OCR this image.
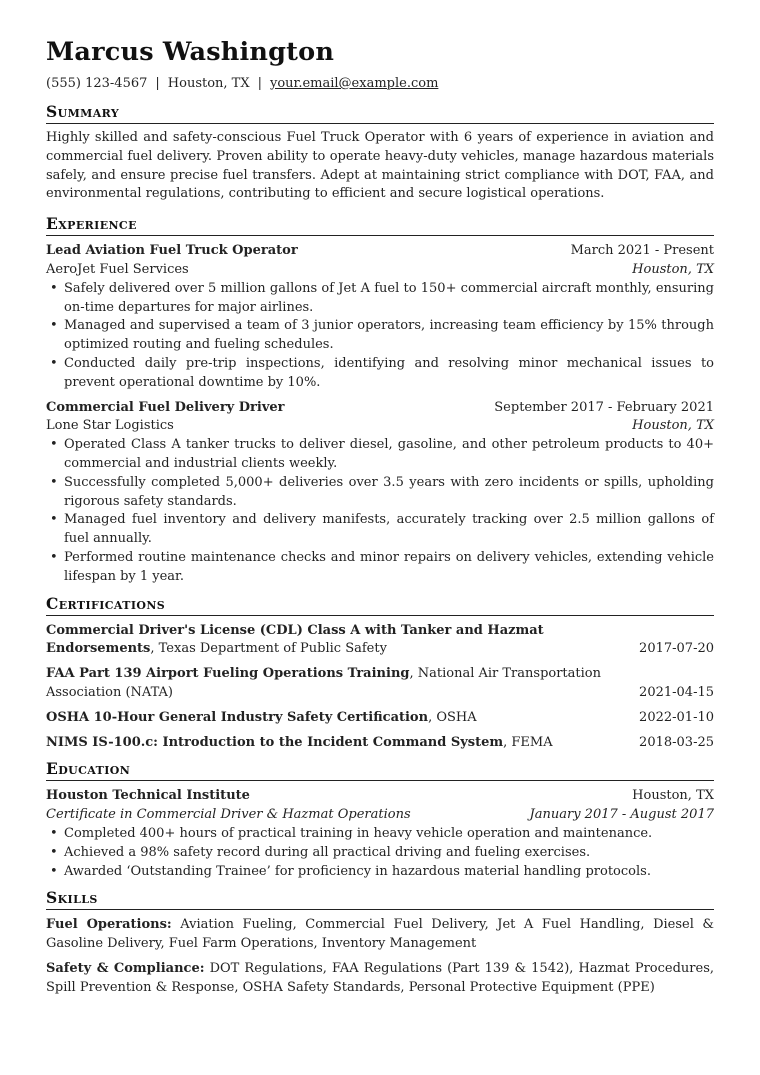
Marcus Washington
(555) 123-4567 | Houston, TX | your.email@example.com
Summary
Highly skilled and safety-conscious Fuel Truck Operator with 6 years of experience in aviation and commercial fuel delivery. Proven ability to operate heavy-duty vehicles, manage hazardous materials safely, and ensure precise fuel transfers. Adept at maintaining strict compliance with DOT, FAA, and environmental regulations, contributing to efficient and secure logistical operations.
Experience
Lead Aviation Fuel Truck Operator	March 2021 - Present
AeroJet Fuel Services	Houston, TX
• Safely delivered over 5 million gallons of Jet A fuel to 150+ commercial aircraft monthly, ensuring on-time departures for major airlines.
• Managed and supervised a team of 3 junior operators, increasing team efficiency by 15% through optimized routing and fueling schedules.
• Conducted daily pre-trip inspections, identifying and resolving minor mechanical issues to prevent operational downtime by 10%.
Commercial Fuel Delivery Driver	September 2017 - February 2021
Lone Star Logistics	Houston, TX
• Operated Class A tanker trucks to deliver diesel, gasoline, and other petroleum products to 40+ commercial and industrial clients weekly.
• Successfully completed 5,000+ deliveries over 3.5 years with zero incidents or spills, upholding rigorous safety standards.
• Managed fuel inventory and delivery manifests, accurately tracking over 2.5 million gallons of fuel annually.
• Performed routine maintenance checks and minor repairs on delivery vehicles, extending vehicle lifespan by 1 year.
Certifications
Commercial Driver's License (CDL) Class A with Tanker and Hazmat Endorsements, Texas Department of Public Safety	2017-07-20
FAA Part 139 Airport Fueling Operations Training, National Air Transportation Association (NATA)	2021-04-15
OSHA 10-Hour General Industry Safety Certification, OSHA	2022-01-10
NIMS IS-100.c: Introduction to the Incident Command System, FEMA	2018-03-25
Education
Houston Technical Institute	Houston, TX
Certificate in Commercial Driver & Hazmat Operations	January 2017 - August 2017
• Completed 400+ hours of practical training in heavy vehicle operation and maintenance.
• Achieved a 98% safety record during all practical driving and fueling exercises.
• Awarded ‘Outstanding Trainee’ for proficiency in hazardous material handling protocols.
Skills
Fuel Operations: Aviation Fueling, Commercial Fuel Delivery, Jet A Fuel Handling, Diesel & Gasoline Delivery, Fuel Farm Operations, Inventory Management
Safety & Compliance: DOT Regulations, FAA Regulations (Part 139 & 1542), Hazmat Procedures, Spill Prevention & Response, OSHA Safety Standards, Personal Protective Equipment (PPE)
